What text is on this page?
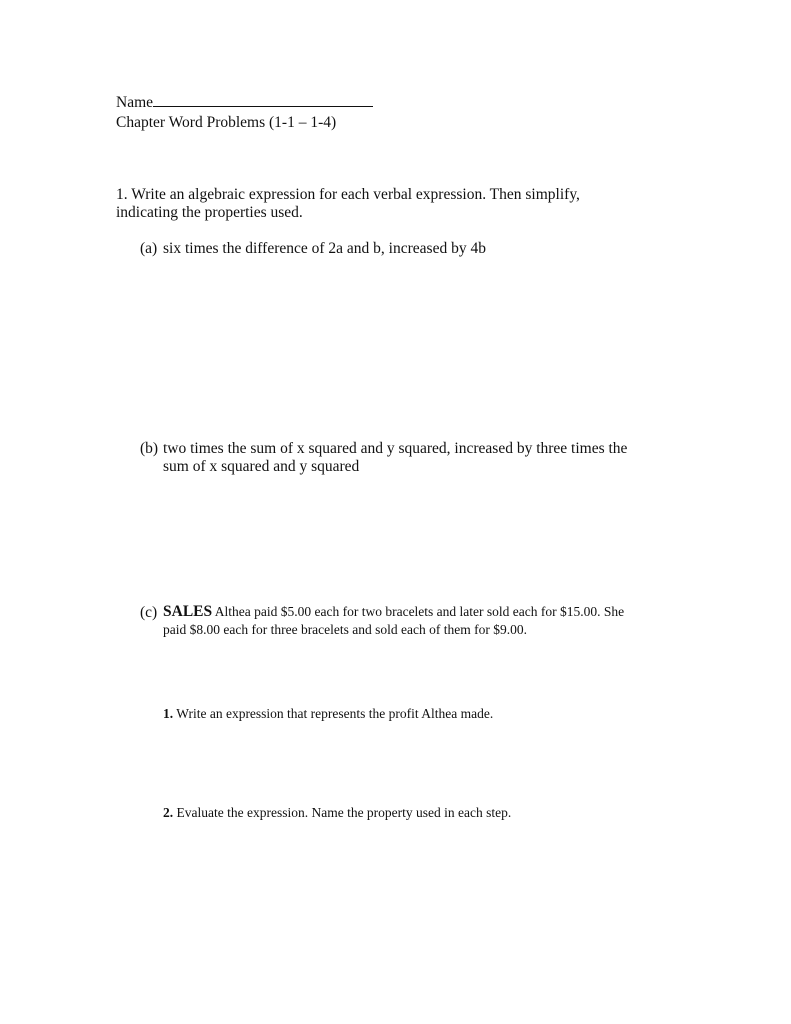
Name
Chapter Word Problems (1-1 – 1-4)
1. Write an algebraic expression for each verbal expression. Then simplify,
indicating the properties used.
(a) six times the difference of 2a and b, increased by 4b
(b) two times the sum of x squared and y squared, increased by three times the
sum of x squared and y squared
(c) SALES Althea paid $5.00 each for two bracelets and later sold each for $15.00. She
paid $8.00 each for three bracelets and sold each of them for $9.00.
1. Write an expression that represents the profit Althea made.
2. Evaluate the expression. Name the property used in each step.
